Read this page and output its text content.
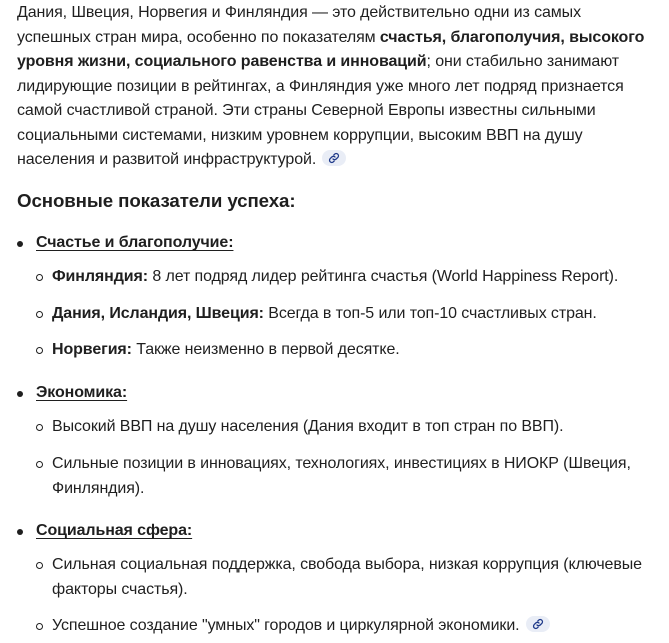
Дания, Швеция, Норвегия и Финляндия — это действительно одни из самых успешных стран мира, особенно по показателям счастья, благополучия, высокого уровня жизни, социального равенства и инноваций; они стабильно занимают лидирующие позиции в рейтингах, а Финляндия уже много лет подряд признается самой счастливой страной. Эти страны Северной Европы известны сильными социальными системами, низким уровнем коррупции, высоким ВВП на душу населения и развитой инфраструктурой.

Основные показатели успеха:
Счастье и благополучие:
Финляндия: 8 лет подряд лидер рейтинга счастья (World Happiness Report).
Дания, Исландия, Швеция: Всегда в топ-5 или топ-10 счастливых стран.
Норвегия: Также неизменно в первой десятке.
Экономика:
Высокий ВВП на душу населения (Дания входит в топ стран по ВВП).
Сильные позиции в инновациях, технологиях, инвестициях в НИОКР (Швеция, Финляндия).
Социальная сфера:
Сильная социальная поддержка, свобода выбора, низкая коррупция (ключевые факторы счастья).
Успешное создание "умных" городов и циркулярной экономики.
